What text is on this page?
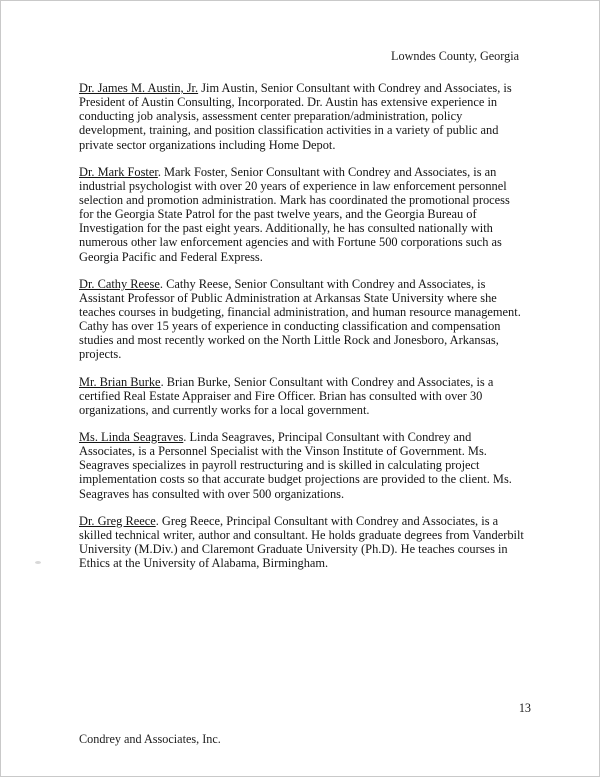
Lowndes County, Georgia

Dr. James M. Austin, Jr. Jim Austin, Senior Consultant with Condrey and Associates, is President of Austin Consulting, Incorporated. Dr. Austin has extensive experience in conducting job analysis, assessment center preparation/administration, policy development, training, and position classification activities in a variety of public and private sector organizations including Home Depot.

Dr. Mark Foster. Mark Foster, Senior Consultant with Condrey and Associates, is an industrial psychologist with over 20 years of experience in law enforcement personnel selection and promotion administration. Mark has coordinated the promotional process for the Georgia State Patrol for the past twelve years, and the Georgia Bureau of Investigation for the past eight years. Additionally, he has consulted nationally with numerous other law enforcement agencies and with Fortune 500 corporations such as Georgia Pacific and Federal Express.

Dr. Cathy Reese. Cathy Reese, Senior Consultant with Condrey and Associates, is Assistant Professor of Public Administration at Arkansas State University where she teaches courses in budgeting, financial administration, and human resource management. Cathy has over 15 years of experience in conducting classification and compensation studies and most recently worked on the North Little Rock and Jonesboro, Arkansas, projects.

Mr. Brian Burke. Brian Burke, Senior Consultant with Condrey and Associates, is a certified Real Estate Appraiser and Fire Officer. Brian has consulted with over 30 organizations, and currently works for a local government.

Ms. Linda Seagraves. Linda Seagraves, Principal Consultant with Condrey and Associates, is a Personnel Specialist with the Vinson Institute of Government. Ms. Seagraves specializes in payroll restructuring and is skilled in calculating project implementation costs so that accurate budget projections are provided to the client. Ms. Seagraves has consulted with over 500 organizations.

Dr. Greg Reece. Greg Reece, Principal Consultant with Condrey and Associates, is a skilled technical writer, author and consultant. He holds graduate degrees from Vanderbilt University (M.Div.) and Claremont Graduate University (Ph.D). He teaches courses in Ethics at the University of Alabama, Birmingham.

13
Condrey and Associates, Inc.
